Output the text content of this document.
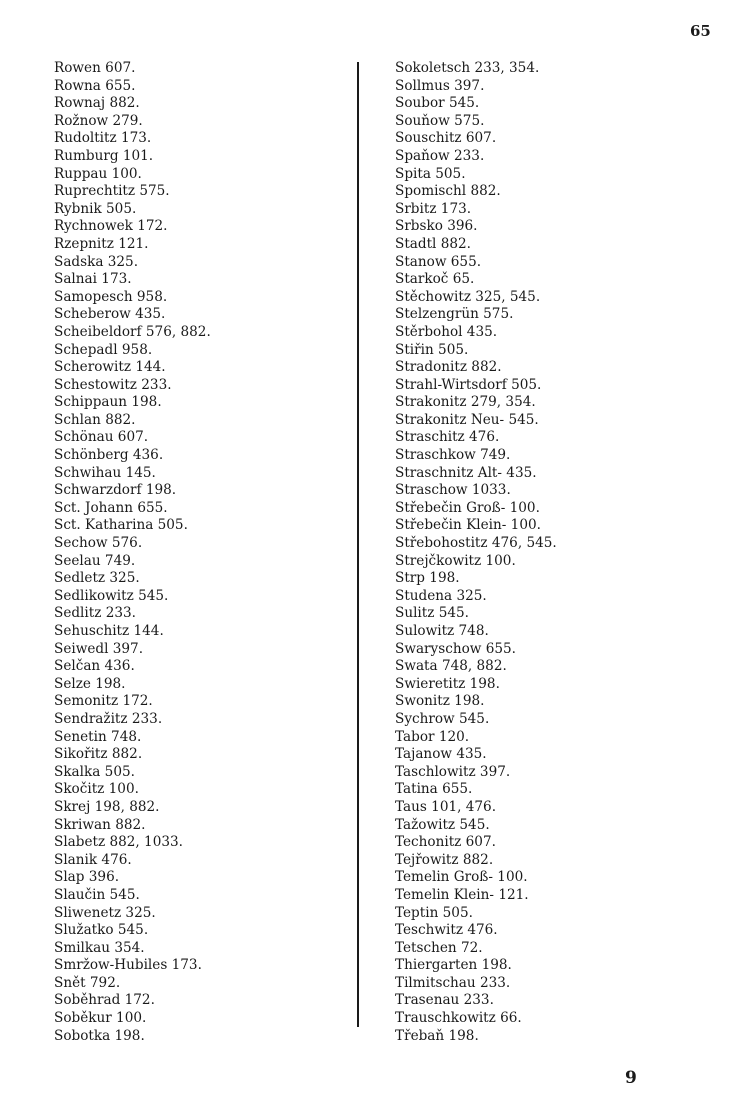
65
Rowen 607.
Rowna 655.
Rownaj 882.
Rožnow 279.
Rudoltitz 173.
Rumburg 101.
Ruppau 100.
Ruprechtitz 575.
Rybnik 505.
Rychnowek 172.
Rzepnitz 121.
Sadska 325.
Salnai 173.
Samopesch 958.
Scheberow 435.
Scheibeldorf 576, 882.
Schepadl 958.
Scherowitz 144.
Schestowitz 233.
Schippaun 198.
Schlan 882.
Schönau 607.
Schönberg 436.
Schwihau 145.
Schwarzdorf 198.
Sct. Johann 655.
Sct. Katharina 505.
Sechow 576.
Seelau 749.
Sedletz 325.
Sedlikowitz 545.
Sedlitz 233.
Sehuschitz 144.
Seiwedl 397.
Selčan 436.
Selze 198.
Semonitz 172.
Sendražitz 233.
Senetin 748.
Sikořitz 882.
Skalka 505.
Skočitz 100.
Skrej 198, 882.
Skriwan 882.
Slabetz 882, 1033.
Slanik 476.
Slap 396.
Slaučin 545.
Sliwenetz 325.
Služatko 545.
Smilkau 354.
Smržow-Hubiles 173.
Snět 792.
Soběhrad 172.
Soběkur 100.
Sobotka 198.
Sokoletsch 233, 354.
Sollmus 397.
Soubor 545.
Souňow 575.
Souschitz 607.
Spaňow 233.
Spita 505.
Spomischl 882.
Srbitz 173.
Srbsko 396.
Stadtl 882.
Stanow 655.
Starkoč 65.
Stěchowitz 325, 545.
Stelzengrün 575.
Stěrbohol 435.
Stiřin 505.
Stradonitz 882.
Strahl-Wirtsdorf 505.
Strakonitz 279, 354.
Strakonitz Neu- 545.
Straschitz 476.
Straschkow 749.
Straschnitz Alt- 435.
Straschow 1033.
Střebečin Groß- 100.
Střebečin Klein- 100.
Střebohostitz 476, 545.
Strejčkowitz 100.
Strp 198.
Studena 325.
Sulitz 545.
Sulowitz 748.
Swaryschow 655.
Swata 748, 882.
Swieretitz 198.
Swonitz 198.
Sychrow 545.
Tabor 120.
Tajanow 435.
Taschlowitz 397.
Tatina 655.
Taus 101, 476.
Tažowitz 545.
Techonitz 607.
Tejřowitz 882.
Temelin Groß- 100.
Temelin Klein- 121.
Teptin 505.
Teschwitz 476.
Tetschen 72.
Thiergarten 198.
Tilmitschau 233.
Trasenau 233.
Trauschkowitz 66.
Třebaň 198.
9
